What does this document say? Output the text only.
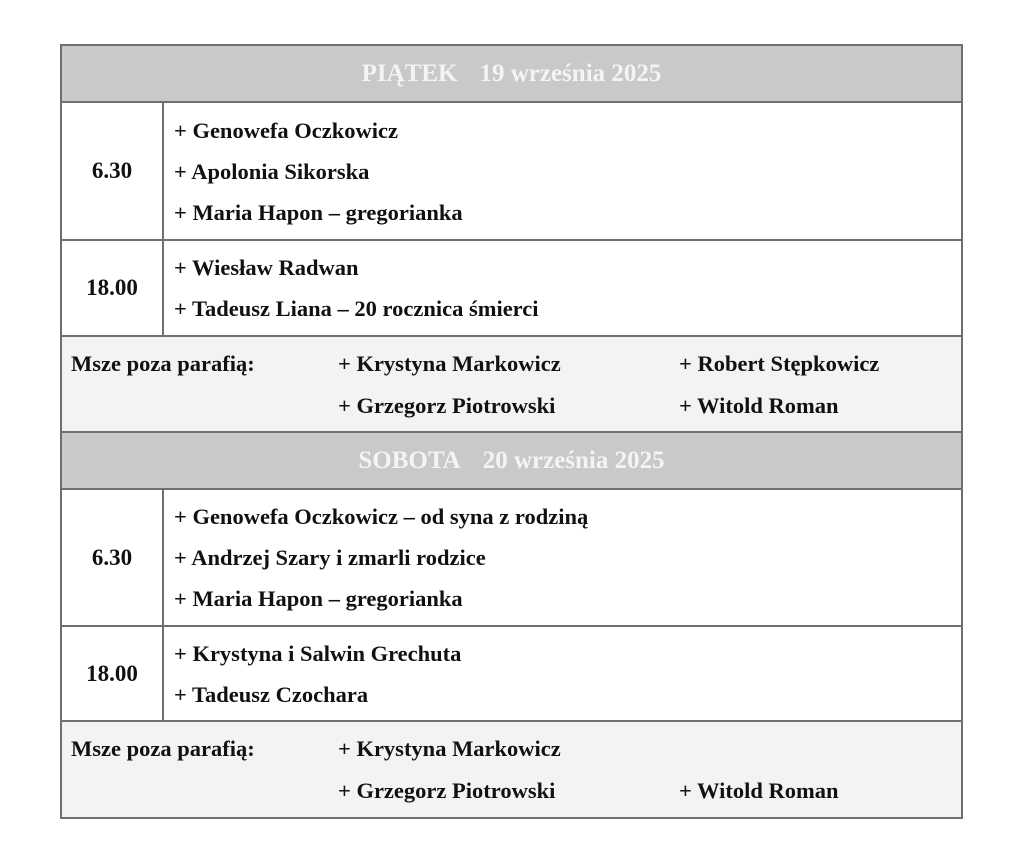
PIĄTEK 19 września 2025
6.30
+ Genowefa Oczkowicz
+ Apolonia Sikorska
+ Maria Hapon – gregorianka
18.00
+ Wiesław Radwan
+ Tadeusz Liana – 20 rocznica śmierci
Msze poza parafią:	+ Krystyna Markowicz	+ Robert Stępkowicz
+ Grzegorz Piotrowski	+ Witold Roman
SOBOTA 20 września 2025
6.30
+ Genowefa Oczkowicz – od syna z rodziną
+ Andrzej Szary i zmarli rodzice
+ Maria Hapon – gregorianka
18.00
+ Krystyna i Salwin Grechuta
+ Tadeusz Czochara
Msze poza parafią:	+ Krystyna Markowicz
+ Grzegorz Piotrowski	+ Witold Roman
